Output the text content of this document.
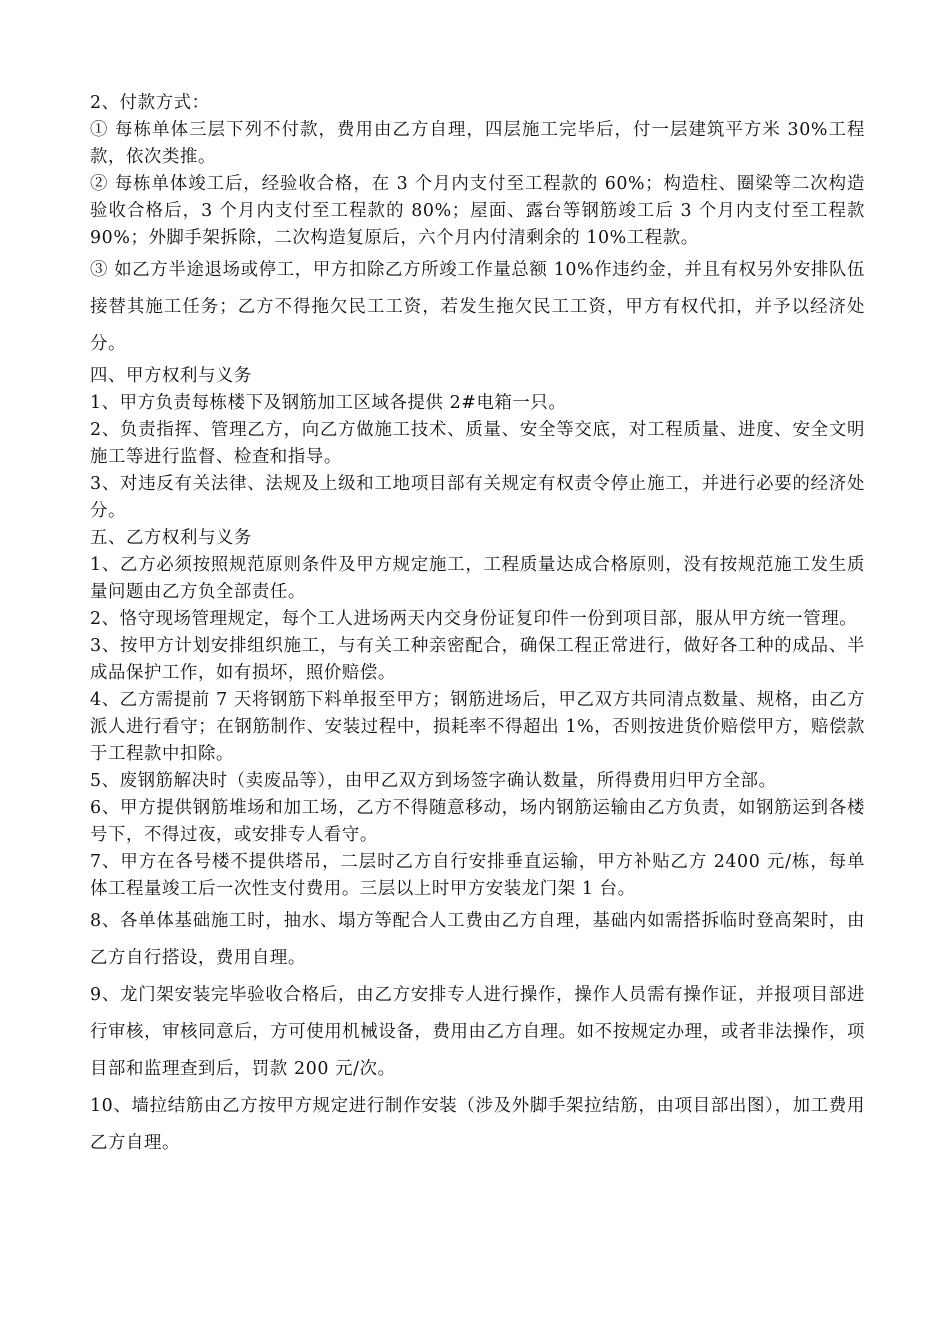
2、付款方式：

① 每栋单体三层下列不付款，费用由乙方自理，四层施工完毕后，付一层建筑平方米 30%工程款，依次类推。

② 每栋单体竣工后，经验收合格，在 3 个月内支付至工程款的 60%；构造柱、圈梁等二次构造验收合格后，3 个月内支付至工程款的 80%；屋面、露台等钢筋竣工后 3 个月内支付至工程款 90%；外脚手架拆除，二次构造复原后，六个月内付清剩余的 10%工程款。

③ 如乙方半途退场或停工，甲方扣除乙方所竣工作量总额 10%作违约金，并且有权另外安排队伍接替其施工任务；乙方不得拖欠民工工资，若发生拖欠民工工资，甲方有权代扣，并予以经济处分。

四、甲方权利与义务

1、甲方负责每栋楼下及钢筋加工区域各提供 2#电箱一只。

2、负责指挥、管理乙方，向乙方做施工技术、质量、安全等交底，对工程质量、进度、安全文明施工等进行监督、检查和指导。

3、对违反有关法律、法规及上级和工地项目部有关规定有权责令停止施工，并进行必要的经济处分。

五、乙方权利与义务

1、乙方必须按照规范原则条件及甲方规定施工，工程质量达成合格原则，没有按规范施工发生质量问题由乙方负全部责任。

2、恪守现场管理规定，每个工人进场两天内交身份证复印件一份到项目部，服从甲方统一管理。

3、按甲方计划安排组织施工，与有关工种亲密配合，确保工程正常进行，做好各工种的成品、半成品保护工作，如有损坏，照价赔偿。

4、乙方需提前 7 天将钢筋下料单报至甲方；钢筋进场后，甲乙双方共同清点数量、规格，由乙方派人进行看守；在钢筋制作、安装过程中，损耗率不得超出 1%，否则按进货价赔偿甲方，赔偿款于工程款中扣除。

5、废钢筋解决时（卖废品等），由甲乙双方到场签字确认数量，所得费用归甲方全部。

6、甲方提供钢筋堆场和加工场，乙方不得随意移动，场内钢筋运输由乙方负责，如钢筋运到各楼号下，不得过夜，或安排专人看守。

7、甲方在各号楼不提供塔吊，二层时乙方自行安排垂直运输，甲方补贴乙方 2400 元/栋，每单体工程量竣工后一次性支付费用。三层以上时甲方安装龙门架 1 台。

8、各单体基础施工时，抽水、塌方等配合人工费由乙方自理，基础内如需搭拆临时登高架时，由乙方自行搭设，费用自理。

9、龙门架安装完毕验收合格后，由乙方安排专人进行操作，操作人员需有操作证，并报项目部进行审核，审核同意后，方可使用机械设备，费用由乙方自理。如不按规定办理，或者非法操作，项目部和监理查到后，罚款 200 元/次。

10、墙拉结筋由乙方按甲方规定进行制作安装（涉及外脚手架拉结筋，由项目部出图），加工费用乙方自理。
